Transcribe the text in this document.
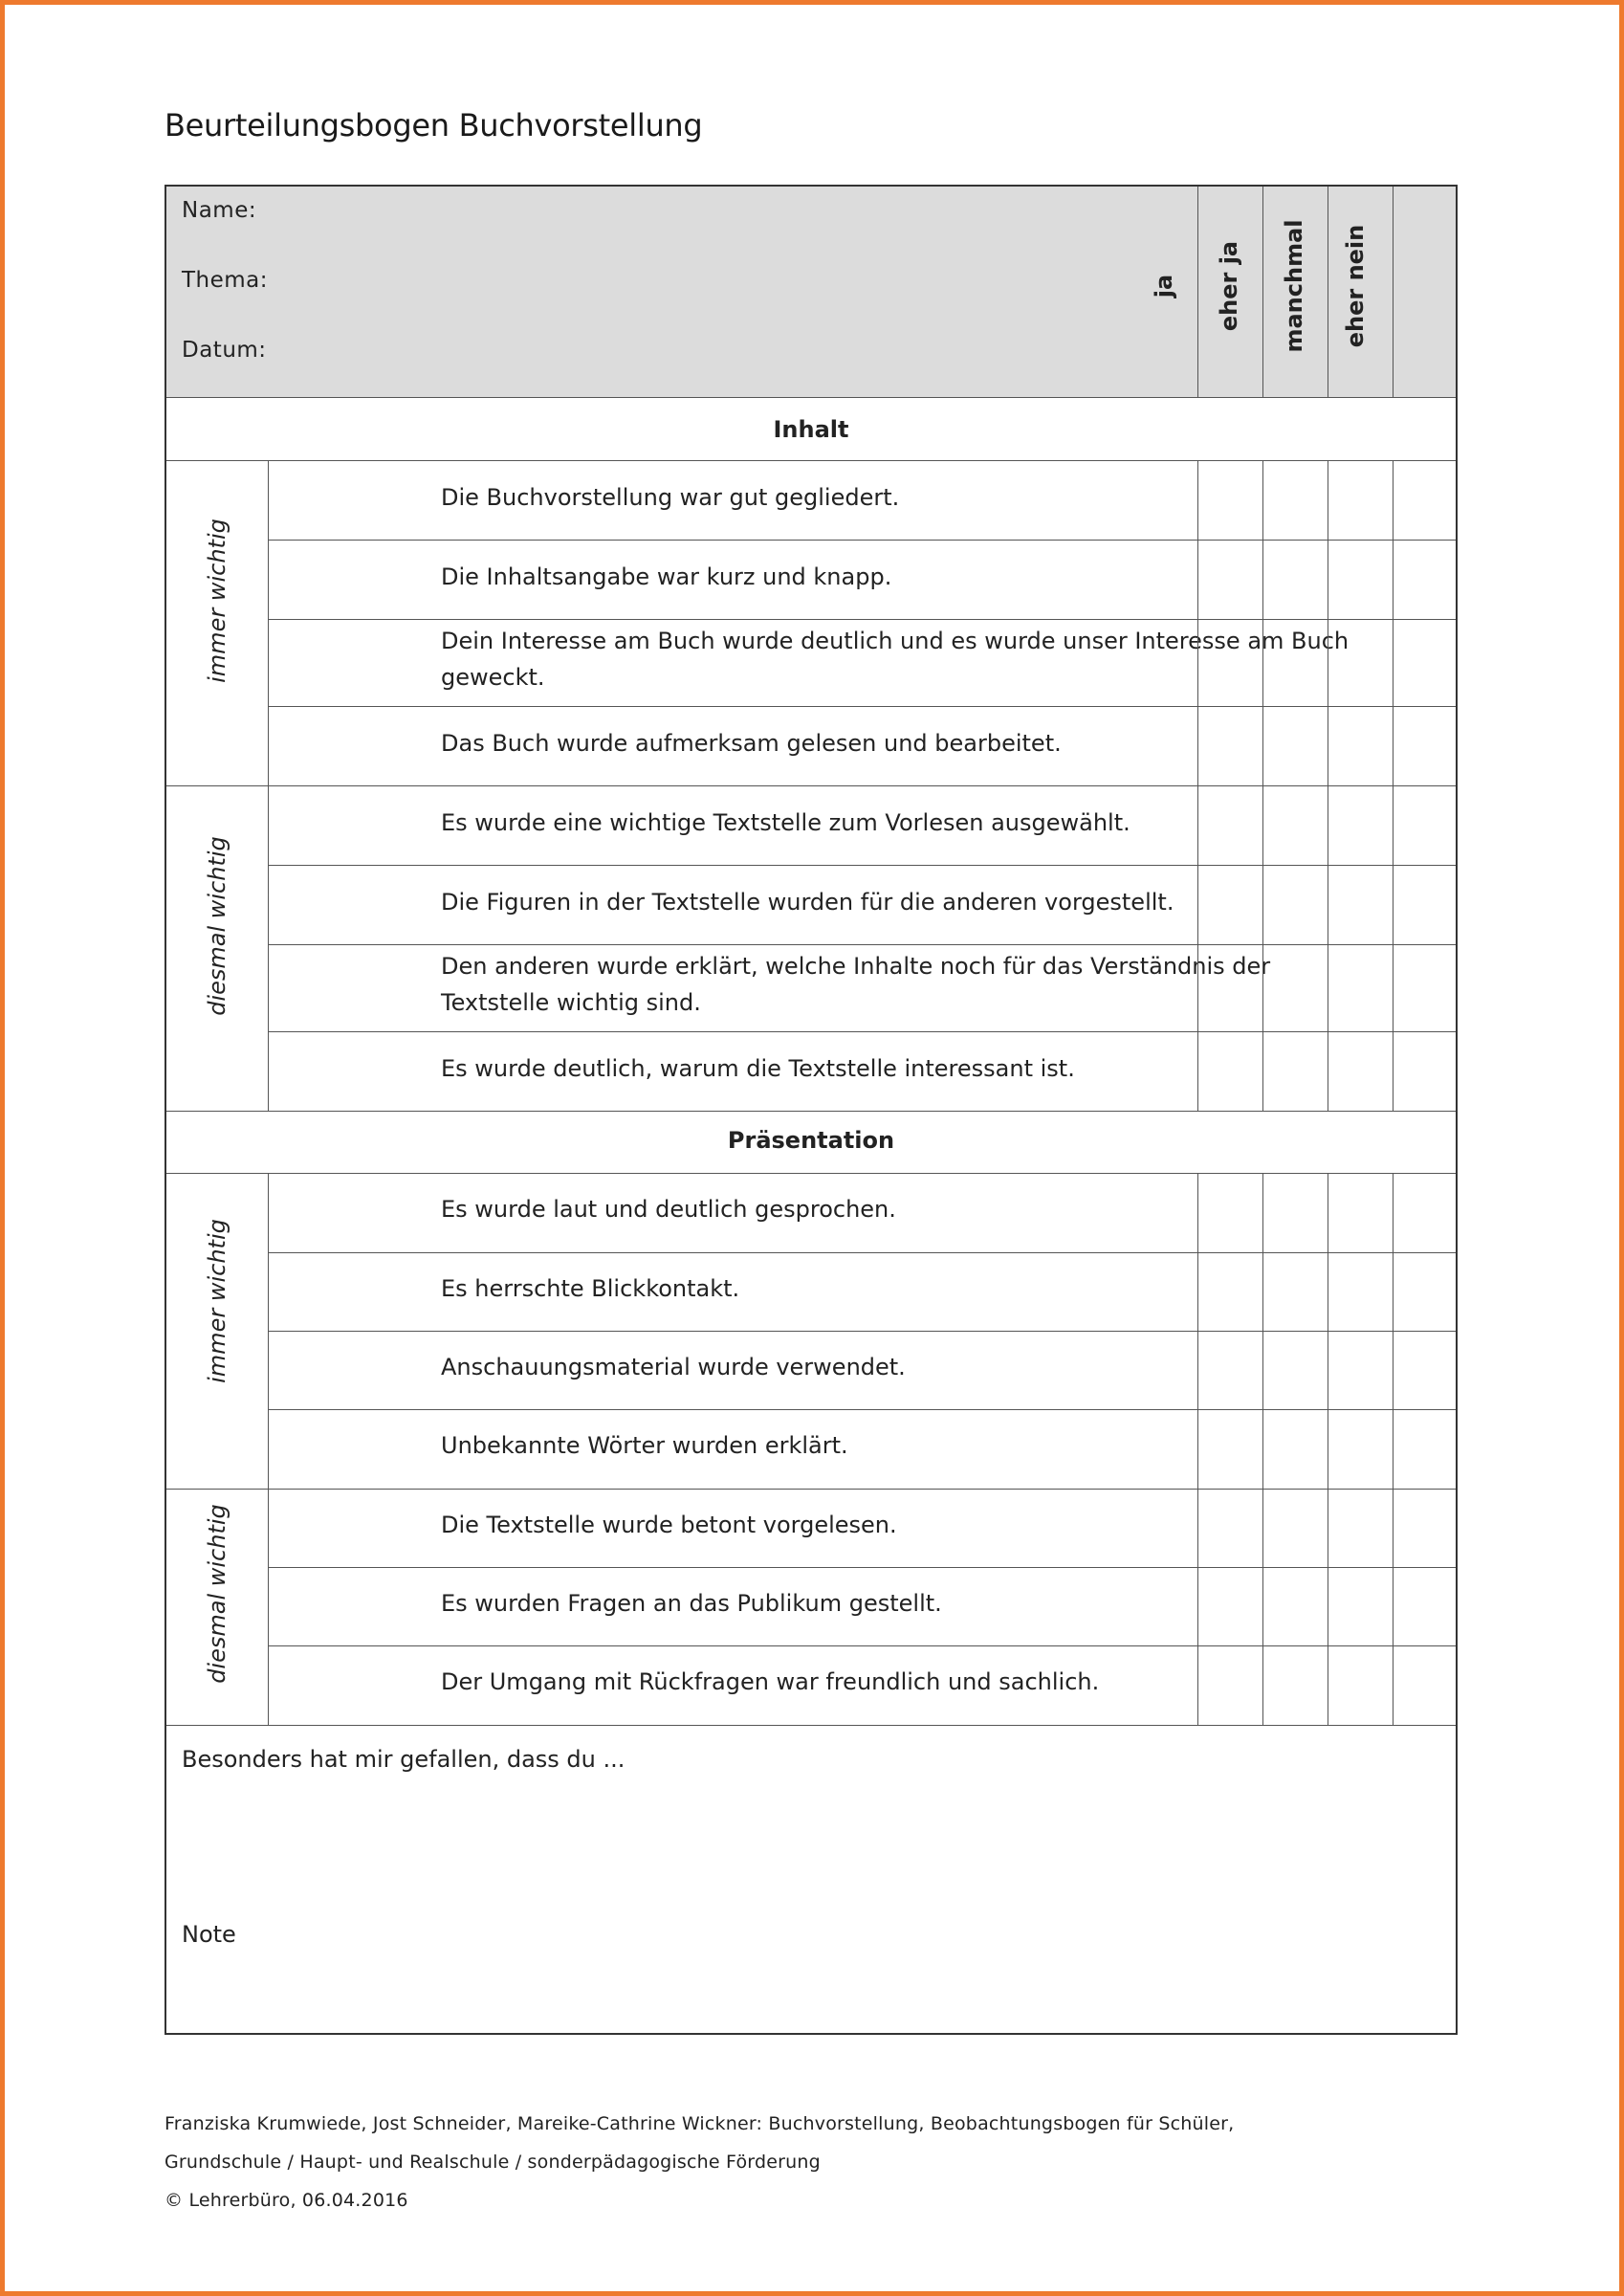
Beurteilungsbogen Buchvorstellung
Name:
Thema:
Datum:
ja eher ja manchmal eher nein
Inhalt
immer wichtig
diesmal wichtig
Die Buchvorstellung war gut gegliedert.
Die Inhaltsangabe war kurz und knapp.
Dein Interesse am Buch wurde deutlich und es wurde unser Interesse am Buch geweckt.
Das Buch wurde aufmerksam gelesen und bearbeitet.
Es wurde eine wichtige Textstelle zum Vorlesen ausgewählt.
Die Figuren in der Textstelle wurden für die anderen vorgestellt.
Den anderen wurde erklärt, welche Inhalte noch für das Verständnis der Textstelle wichtig sind.
Es wurde deutlich, warum die Textstelle interessant ist.
Präsentation
immer wichtig
diesmal wichtig
Es wurde laut und deutlich gesprochen.
Es herrschte Blickkontakt.
Anschauungsmaterial wurde verwendet.
Unbekannte Wörter wurden erklärt.
Die Textstelle wurde betont vorgelesen.
Es wurden Fragen an das Publikum gestellt.
Der Umgang mit Rückfragen war freundlich und sachlich.
Besonders hat mir gefallen, dass du ...
Note
Franziska Krumwiede, Jost Schneider, Mareike-Cathrine Wickner: Buchvorstellung, Beobachtungsbogen für Schüler,
Grundschule / Haupt- und Realschule / sonderpädagogische Förderung
© Lehrerbüro, 06.04.2016
